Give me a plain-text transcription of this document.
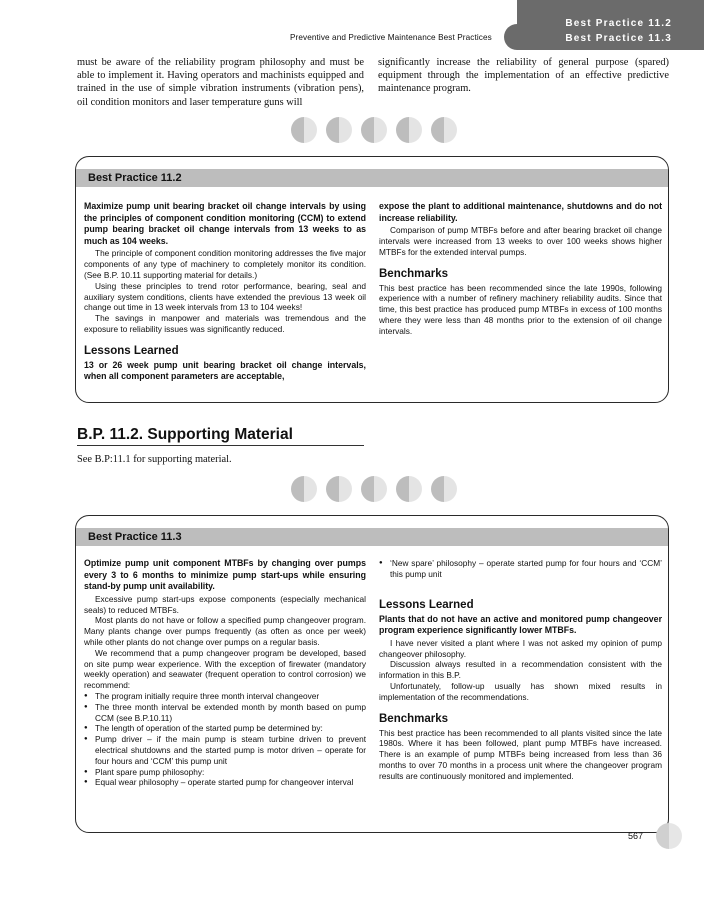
Preventive and Predictive Maintenance Best Practices
Best Practice 11.2
Best Practice 11.3
must be aware of the reliability program philosophy and must be able to implement it. Having operators and machinists equipped and trained in the use of simple vibration instruments (vibration pens), oil condition monitors and laser temperature guns will
significantly increase the reliability of general purpose (spared) equipment through the implementation of an effective predictive maintenance program.
Best Practice 11.2

Maximize pump unit bearing bracket oil change intervals by using the principles of component condition monitoring (CCM) to extend pump bearing bracket oil change intervals from 13 weeks to as much as 104 weeks.

The principle of component condition monitoring addresses the five major components of any type of machinery to completely monitor its condition. (See B.P. 10.11 supporting material for details.)

Using these principles to trend rotor performance, bearing, seal and auxiliary system conditions, clients have extended the previous 13 week oil change out time in 13 week intervals from 13 to 104 weeks!

The savings in manpower and materials was tremendous and the exposure to reliability issues was significantly reduced.

Lessons Learned

13 or 26 week pump unit bearing bracket oil change intervals, when all component parameters are acceptable,

expose the plant to additional maintenance, shutdowns and do not increase reliability.

Comparison of pump MTBFs before and after bearing bracket oil change intervals were increased from 13 weeks to over 100 weeks shows higher MTBFs for the extended interval pumps.

Benchmarks

This best practice has been recommended since the late 1990s, following experience with a number of refinery machinery reliability audits. Since that time, this best practice has produced pump MTBFs in excess of 100 months where they were less than 48 months prior to the extension of oil change intervals.

B.P. 11.2. Supporting Material
See B.P:11.1 for supporting material.
Best Practice 11.3

Optimize pump unit component MTBFs by changing over pumps every 3 to 6 months to minimize pump start-ups while ensuring stand-by pump unit availability.

Excessive pump start-ups expose components (especially mechanical seals) to reduced MTBFs.

Most plants do not have or follow a specified pump changeover program. Many plants change over pumps frequently (as often as once per week) while other plants do not change over pumps on a regular basis.

We recommend that a pump changeover program be developed, based on site pump wear experience. With the exception of firewater (mandatory weekly operation) and seawater (frequent operation to control corrosion) we recommend:

● The program initially require three month interval changeover
● The three month interval be extended month by month based on pump CCM (see B.P.10.11)
● The length of operation of the started pump be determined by:
● Pump driver – if the main pump is steam turbine driven to prevent electrical shutdowns and the started pump is motor driven – operate for four hours and ‘CCM’ this pump unit
● Plant spare pump philosophy:
● Equal wear philosophy – operate started pump for changeover interval
● ‘New spare’ philosophy – operate started pump for four hours and ‘CCM’ this pump unit
Lessons Learned

Plants that do not have an active and monitored pump changeover program experience significantly lower MTBFs.

I have never visited a plant where I was not asked my opinion of pump changeover philosophy.

Discussion always resulted in a recommendation consistent with the information in this B.P.

Unfortunately, follow-up usually has shown mixed results in implementation of the recommendations.

Benchmarks

This best practice has been recommended to all plants visited since the late 1980s. Where it has been followed, plant pump MTBFs have increased. There is an example of pump MTBFs being increased from less than 36 months to over 70 months in a process unit where the changeover program results are continuously monitored and implemented.

567
